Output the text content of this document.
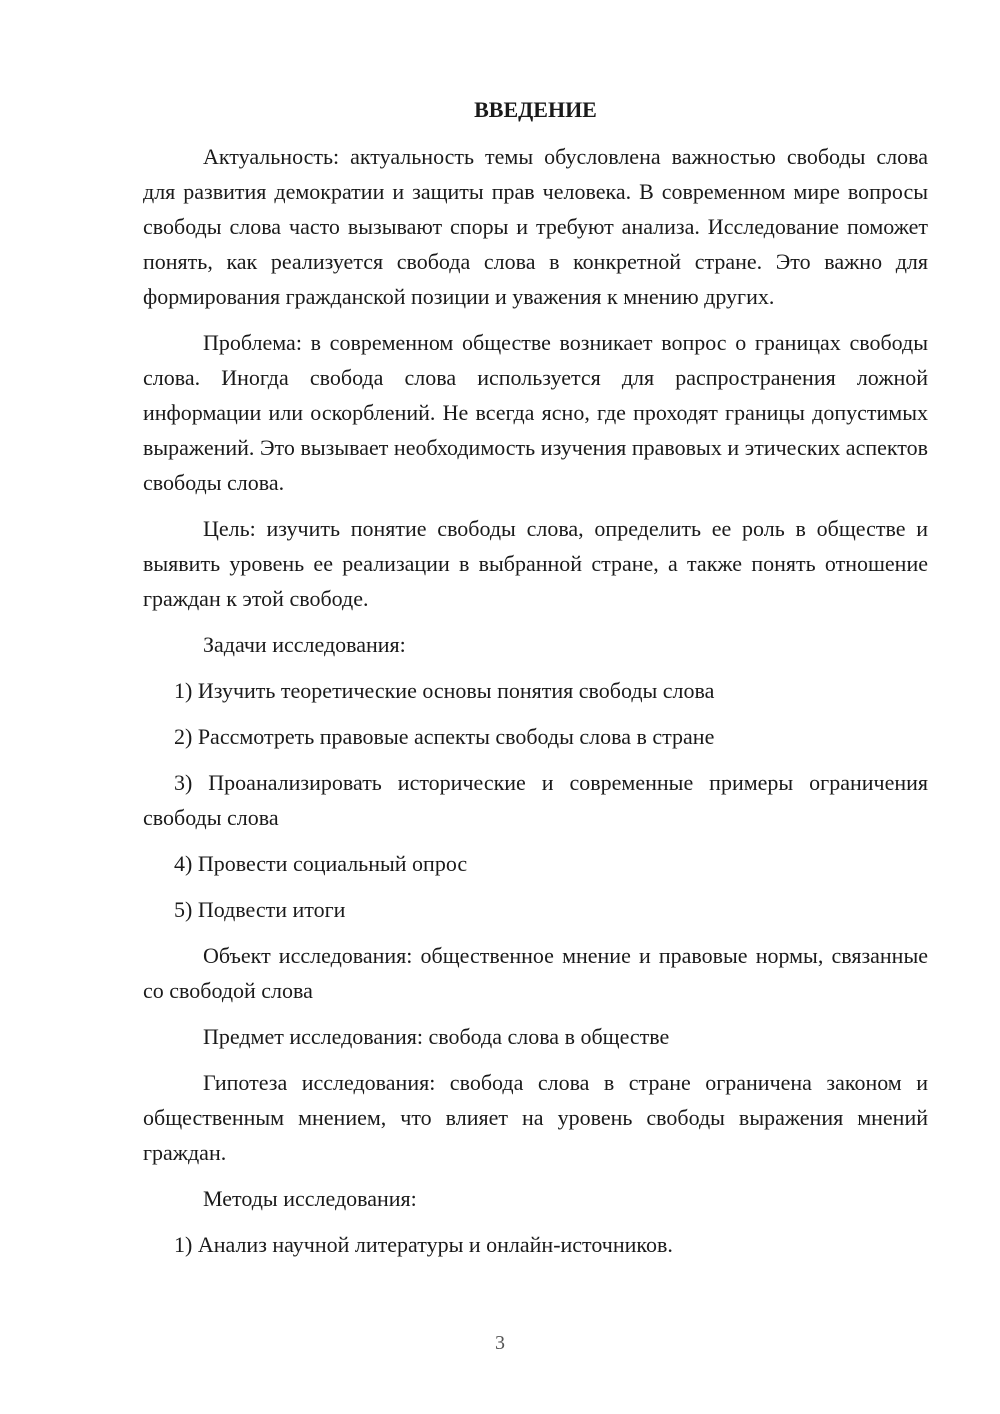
ВВЕДЕНИЕ

Актуальность: актуальность темы обусловлена важностью свободы слова для развития демократии и защиты прав человека. В современном мире вопросы свободы слова часто вызывают споры и требуют анализа. Исследование поможет понять, как реализуется свобода слова в конкретной стране. Это важно для формирования гражданской позиции и уважения к мнению других.

Проблема: в современном обществе возникает вопрос о границах свободы слова. Иногда свобода слова используется для распространения ложной информации или оскорблений. Не всегда ясно, где проходят границы допустимых выражений. Это вызывает необходимость изучения правовых и этических аспектов свободы слова.

Цель: изучить понятие свободы слова, определить ее роль в обществе и выявить уровень ее реализации в выбранной стране, а также понять отношение граждан к этой свободе.

Задачи исследования:

1) Изучить теоретические основы понятия свободы слова

2) Рассмотреть правовые аспекты свободы слова в стране

3) Проанализировать исторические и современные примеры ограничения свободы слова

4) Провести социальный опрос

5) Подвести итоги

Объект исследования: общественное мнение и правовые нормы, связанные со свободой слова

Предмет исследования: свобода слова в обществе

Гипотеза исследования: свобода слова в стране ограничена законом и общественным мнением, что влияет на уровень свободы выражения мнений граждан.

Методы исследования:

1) Анализ научной литературы и онлайн-источников.

3
